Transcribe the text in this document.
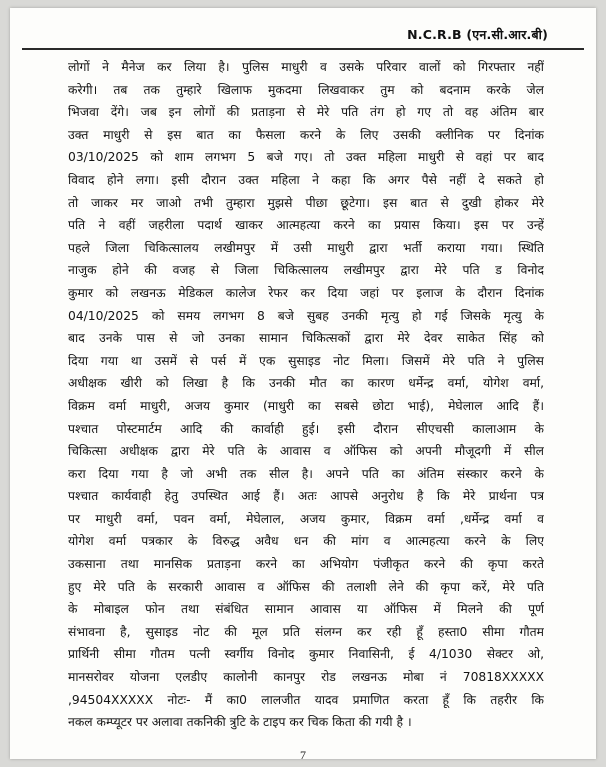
N.C.R.B (एन.सी.आर.बी)
लोगों ने मैनेज कर लिया है। पुलिस माधुरी व उसके परिवार वालों को गिरफ्तार नहीं
करेगी। तब तक तुम्हारे खिलाफ मुकदमा लिखवाकर तुम को बदनाम करके जेल
भिजवा देंगे। जब इन लोगों की प्रताड़ना से मेरे पति तंग हो गए तो वह अंतिम बार
उक्त माधुरी से इस बात का फैसला करने के लिए उसकी क्लीनिक पर दिनांक
03/10/2025 को शाम लगभग 5 बजे गए। तो उक्त महिला माधुरी से वहां पर बाद
विवाद होने लगा। इसी दौरान उक्त महिला ने कहा कि अगर पैसे नहीं दे सकते हो
तो जाकर मर जाओ तभी तुम्हारा मुझसे पीछा छूटेगा। इस बात से दुखी होकर मेरे
पति ने वहीं जहरीला पदार्थ खाकर आत्महत्या करने का प्रयास किया। इस पर उन्हें
पहले जिला चिकित्सालय लखीमपुर में उसी माधुरी द्वारा भर्ती कराया गया। स्थिति
नाजुक होने की वजह से जिला चिकित्सालय लखीमपुर द्वारा मेरे पति ड विनोद
कुमार को लखनऊ मेडिकल कालेज रेफर कर दिया जहां पर इलाज के दौरान दिनांक
04/10/2025 को समय लगभग 8 बजे सुबह उनकी मृत्यु हो गई जिसके मृत्यु के
बाद उनके पास से जो उनका सामान चिकित्सकों द्वारा मेरे देवर साकेत सिंह को
दिया गया था उसमें से पर्स में एक सुसाइड नोट मिला। जिसमें मेरे पति ने पुलिस
अधीक्षक खीरी को लिखा है कि उनकी मौत का कारण धर्मेन्द्र वर्मा, योगेश वर्मा,
विक्रम वर्मा माधुरी, अजय कुमार (माधुरी का सबसे छोटा भाई), मेघेलाल आदि हैं।
पश्चात पोस्टमार्टम आदि की कार्वाही हुई। इसी दौरान सीएचसी कालाआम के
चिकित्सा अधीक्षक द्वारा मेरे पति के आवास व ऑफिस को अपनी मौजूदगी में सील
करा दिया गया है जो अभी तक सील है। अपने पति का अंतिम संस्कार करने के
पश्चात कार्यवाही हेतु उपस्थित आई हैं। अतः आपसे अनुरोध है कि मेरे प्रार्थना पत्र
पर माधुरी वर्मा, पवन वर्मा, मेघेलाल, अजय कुमार, विक्रम वर्मा ,धर्मेन्द्र वर्मा व
योगेश वर्मा पत्रकार के विरुद्ध अवैध धन की मांग व आत्महत्या करने के लिए
उकसाना तथा मानसिक प्रताड़ना करने का अभियोग पंजीकृत करने की कृपा करते
हुए मेरे पति के सरकारी आवास व ऑफिस की तलाशी लेने की कृपा करें, मेरे पति
के मोबाइल फोन तथा संबंधित सामान आवास या ऑफिस में मिलने की पूर्ण
संभावना है, सुसाइड नोट की मूल प्रति संलग्न कर रही हूँ हस्ता0 सीमा गौतम
प्रार्थिनी सीमा गौतम पत्नी स्वर्गीय विनोद कुमार निवासिनी, ई 4/1030 सेक्टर ओ,
मानसरोवर योजना एलडीए कालोनी कानपुर रोड लखनऊ मोबा नं 70818XXXXX
,94504XXXXX नोटः- मैं का0 लालजीत यादव प्रमाणित करता हूँ कि तहरीर कि
नकल कम्प्यूटर पर अलावा तकनिकी त्रुटि के टाइप कर चिक किता की गयी है ।
7
